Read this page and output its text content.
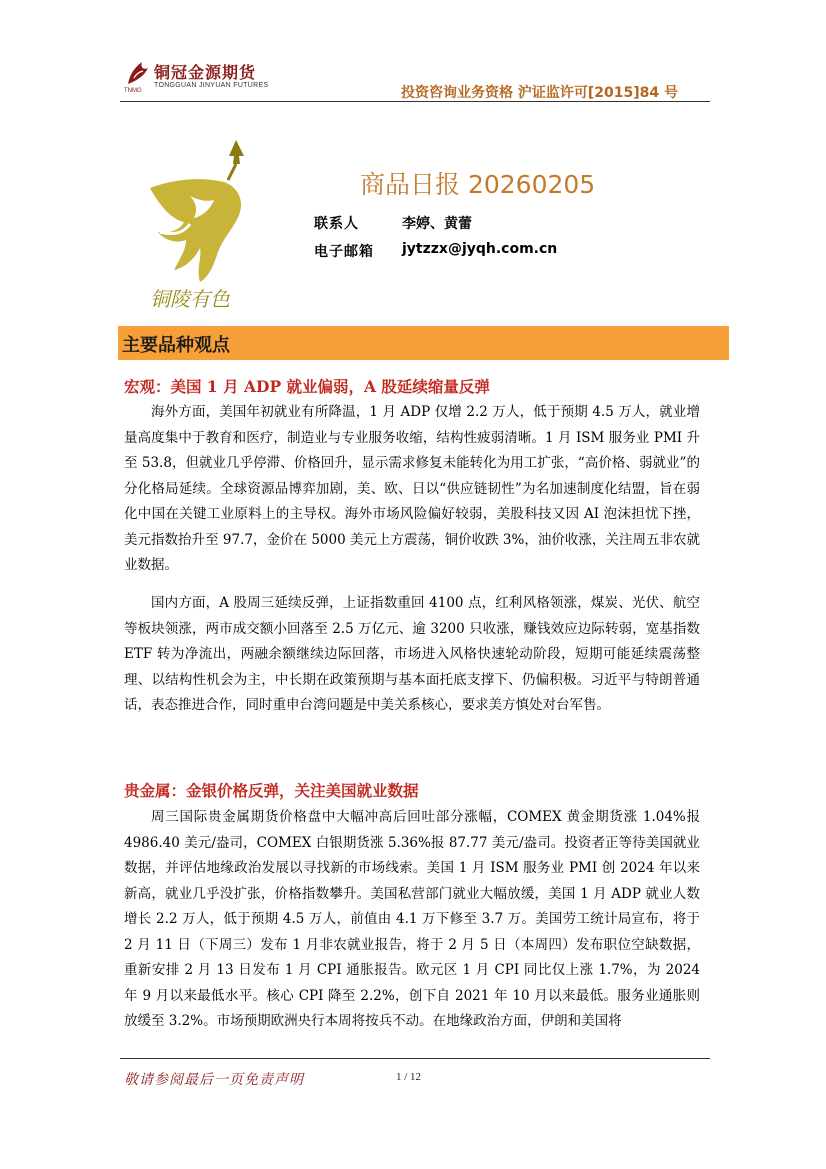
铜冠金源期货
TONGGUAN JINYUAN FUTURES
TNMG	投资咨询业务资格 沪证监许可[2015]84 号
铜陵有色
商品日报 20260205
联系人	李婷、黄蕾
电子邮箱 jytzzx@jyqh.com.cn
主要品种观点
宏观：美国 1 月 ADP 就业偏弱，A 股延续缩量反弹
海外方面，美国年初就业有所降温，1 月 ADP 仅增 2.2 万人，低于预期 4.5 万人，就业增量高度集中于教育和医疗，制造业与专业服务收缩，结构性疲弱清晰。1 月 ISM 服务业 PMI 升至 53.8，但就业几乎停滞、价格回升，显示需求修复未能转化为用工扩张，“高价格、弱就业”的分化格局延续。全球资源品博弈加剧，美、欧、日以“供应链韧性”为名加速制度化结盟，旨在弱化中国在关键工业原料上的主导权。海外市场风险偏好较弱，美股科技又因 AI 泡沫担忧下挫，美元指数抬升至 97.7，金价在 5000 美元上方震荡，铜价收跌 3%，油价收涨，关注周五非农就业数据。
国内方面，A 股周三延续反弹，上证指数重回 4100 点，红利风格领涨，煤炭、光伏、航空等板块领涨，两市成交额小回落至 2.5 万亿元、逾 3200 只收涨，赚钱效应边际转弱，宽基指数 ETF 转为净流出，两融余额继续边际回落，市场进入风格快速轮动阶段，短期可能延续震荡整理、以结构性机会为主，中长期在政策预期与基本面托底支撑下、仍偏积极。习近平与特朗普通话，表态推进合作，同时重申台湾问题是中美关系核心，要求美方慎处对台军售。
贵金属：金银价格反弹，关注美国就业数据
周三国际贵金属期货价格盘中大幅冲高后回吐部分涨幅，COMEX 黄金期货涨 1.04%报 4986.40 美元/盎司，COMEX 白银期货涨 5.36%报 87.77 美元/盎司。投资者正等待美国就业数据，并评估地缘政治发展以寻找新的市场线索。美国 1 月 ISM 服务业 PMI 创 2024 年以来新高，就业几乎没扩张，价格指数攀升。美国私营部门就业大幅放缓，美国 1 月 ADP 就业人数增长 2.2 万人，低于预期 4.5 万人，前值由 4.1 万下修至 3.7 万。美国劳工统计局宣布，将于 2 月 11 日（下周三）发布 1 月非农就业报告，将于 2 月 5 日（本周四）发布职位空缺数据，重新安排 2 月 13 日发布 1 月 CPI 通胀报告。欧元区 1 月 CPI 同比仅上涨 1.7%，为 2024 年 9 月以来最低水平。核心 CPI 降至 2.2%，创下自 2021 年 10 月以来最低。服务业通胀则放缓至 3.2%。市场预期欧洲央行本周将按兵不动。在地缘政治方面，伊朗和美国将
敬请参阅最后一页免责声明	1 / 12
